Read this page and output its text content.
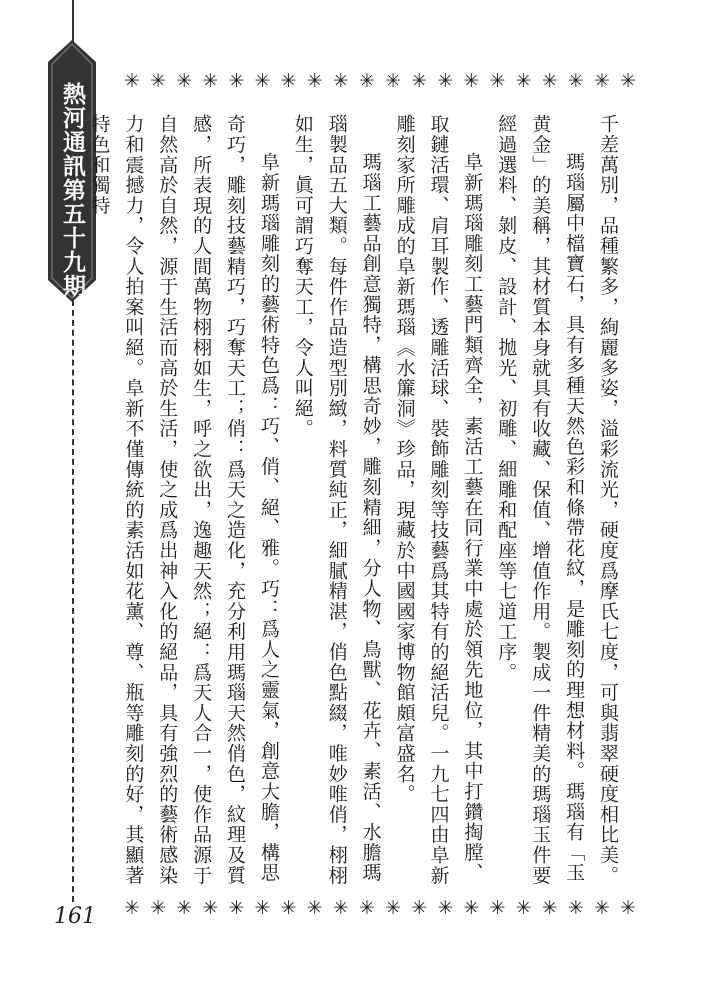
熱河通訊第五十九期
✳ ✳ ✳ ✳ ✳ ✳ ✳ ✳ ✳ ✳ ✳ ✳ ✳ ✳ ✳ ✳ ✳ ✳ ✳ ✳

千差萬別，品種繁多，絢麗多姿，溢彩流光，硬度爲摩氏七度，可與翡翠硬度相比美。

瑪瑙屬中檔寶石，具有多種天然色彩和條帶花紋，是雕刻的理想材料。瑪瑙有「玉黄金」的美稱，其材質本身就具有收藏、保值、增值作用。製成一件精美的瑪瑙玉件要經過選料、剝皮、設計、拋光、初雕、細雕和配座等七道工序。

阜新瑪瑙雕刻工藝門類齊全，素活工藝在同行業中處於領先地位，其中打鑽掏膛、取鏈活環、肩耳製作、透雕活球、裝飾雕刻等技藝爲其特有的絕活兒。一九七四由阜新雕刻家所雕成的阜新瑪瑙《水簾洞》珍品，現藏於中國國家博物館頗富盛名。

瑪瑙工藝品創意獨特，構思奇妙，雕刻精細，分人物、鳥獸、花卉、素活、水膽瑪瑙製品五大類。每件作品造型別緻，料質純正，細膩精湛，俏色點綴，唯妙唯俏，栩栩如生，眞可謂巧奪天工，令人叫絕。

阜新瑪瑙雕刻的藝術特色爲：巧、俏、絕、雅。巧：爲人之靈氣，創意大膽，構思奇巧，雕刻技藝精巧，巧奪天工；俏：爲天之造化，充分利用瑪瑙天然俏色，紋理及質感，所表現的人間萬物栩栩如生，呼之欲出，逸趣天然；絕：爲天人合一，使作品源于自然高於自然，源于生活而高於生活，使之成爲出神入化的絕品，具有強烈的藝術感染力和震撼力，令人拍案叫絕。阜新不僅傳統的素活如花薰、尊、瓶等雕刻的好，其顯著特色和獨特

✳ ✳ ✳ ✳ ✳ ✳ ✳ ✳ ✳ ✳ ✳ ✳ ✳ ✳ ✳ ✳ ✳ ✳ ✳ ✳
161
